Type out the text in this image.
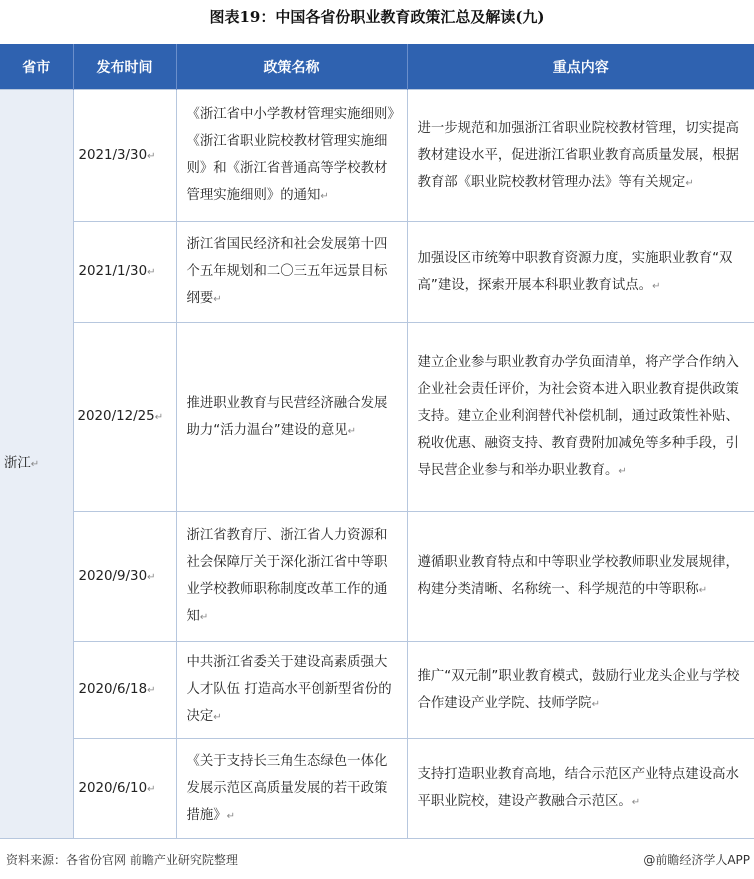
图表19：中国各省份职业教育政策汇总及解读(九)
省市	发布时间	政策名称	重点内容
浙江↵	2021/3/30↵	《浙江省中小学教材管理实施细则》《浙江省职业院校教材管理实施细则》和《浙江省普通高等学校教材管理实施细则》的通知↵	进一步规范和加强浙江省职业院校教材管理，切实提高教材建设水平，促进浙江省职业教育高质量发展，根据教育部《职业院校教材管理办法》等有关规定↵
	2021/1/30↵	浙江省国民经济和社会发展第十四个五年规划和二〇三五年远景目标纲要↵	加强设区市统筹中职教育资源力度，实施职业教育“双高”建设，探索开展本科职业教育试点。↵
	2020/12/25↵	推进职业教育与民营经济融合发展助力“活力温台”建设的意见↵	建立企业参与职业教育办学负面清单，将产学合作纳入企业社会责任评价，为社会资本进入职业教育提供政策支持。建立企业利润替代补偿机制，通过政策性补贴、税收优惠、融资支持、教育费附加减免等多种手段，引导民营企业参与和举办职业教育。↵
	2020/9/30↵	浙江省教育厅、浙江省人力资源和社会保障厅关于深化浙江省中等职业学校教师职称制度改革工作的通知↵	遵循职业教育特点和中等职业学校教师职业发展规律，构建分类清晰、名称统一、科学规范的中等职称↵
	2020/6/18↵	中共浙江省委关于建设高素质强大人才队伍 打造高水平创新型省份的决定↵	推广“双元制”职业教育模式，鼓励行业龙头企业与学校合作建设产业学院、技师学院↵
	2020/6/10↵	《关于支持长三角生态绿色一体化发展示范区高质量发展的若干政策措施》↵	支持打造职业教育高地，结合示范区产业特点建设高水平职业院校，建设产教融合示范区。↵
资料来源：各省份官网 前瞻产业研究院整理	@前瞻经济学人APP
